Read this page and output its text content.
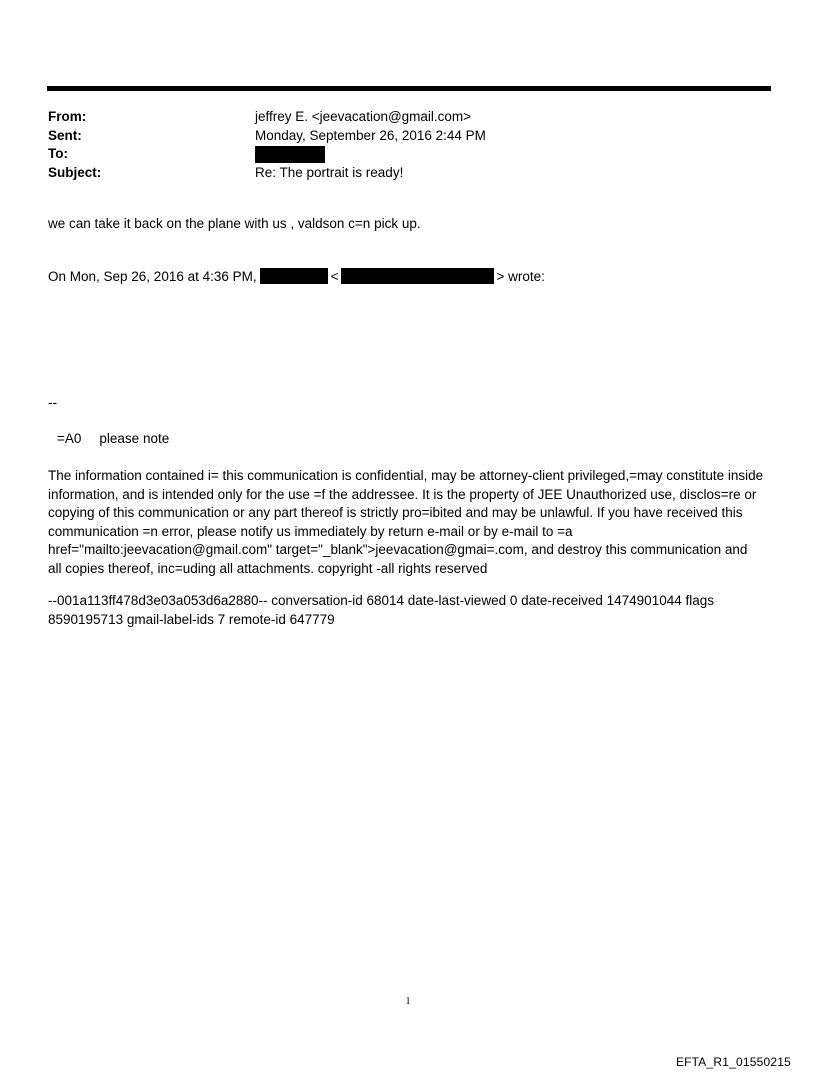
From:	jeffrey E. <jeevacation@gmail.com>
Sent:	Monday, September 26, 2016 2:44 PM
To:
Subject:	Re: The portrait is ready!
we can take it back on the plane with us , valdson c=n pick up.
On Mon, Sep 26, 2016 at 4:36 PM,	<	> wrote:
--
=A0 please note
The information contained i= this communication is confidential, may be attorney-client privileged,=may constitute inside information, and is intended only for the use =f the addressee. It is the property of JEE Unauthorized use, disclos=re or copying of this communication or any part thereof is strictly pro=ibited and may be unlawful. If you have received this communication =n error, please notify us immediately by return e-mail or by e-mail to =a href="mailto:jeevacation@gmail.com" target="_blank">jeevacation@gmai=.com, and destroy this communication and all copies thereof, inc=uding all attachments. copyright -all rights reserved
--001a113ff478d3e03a053d6a2880-- conversation-id 68014 date-last-viewed 0 date-received 1474901044 flags 8590195713 gmail-label-ids 7 remote-id 647779
1
EFTA_R1_01550215
